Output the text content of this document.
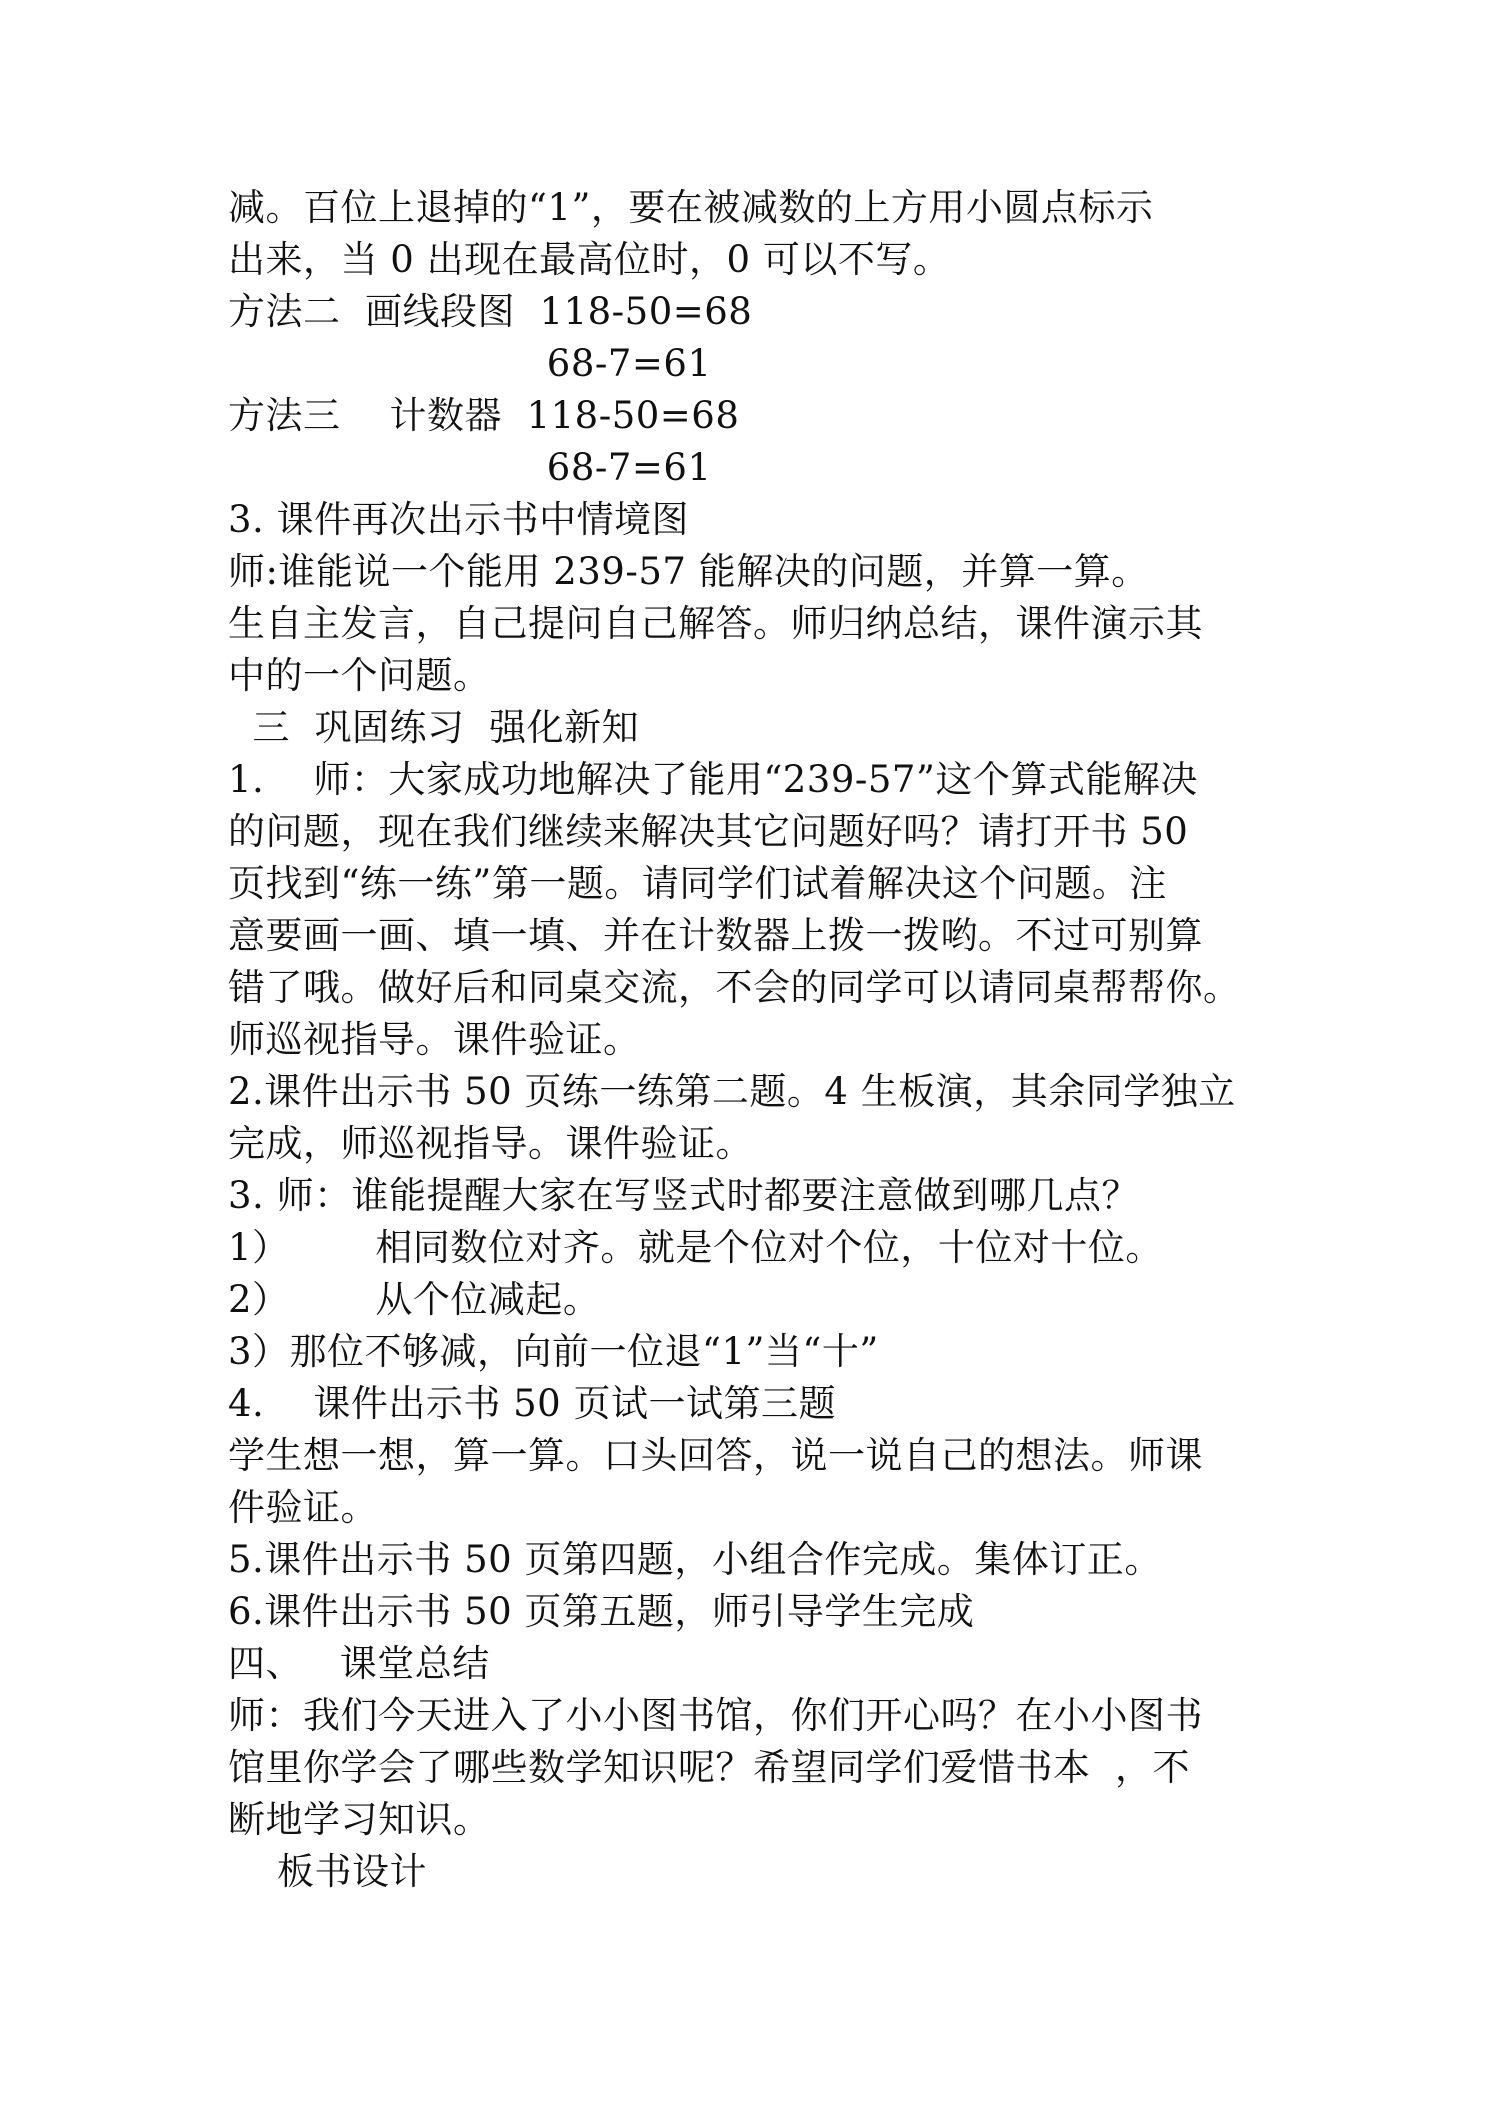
减。百位上退掉的“1”，要在被减数的上方用小圆点标示

出来，当 0 出现在最高位时，0 可以不写。

方法二  画线段图  118-50=68

68-7=61

方法三    计数器  118-50=68

68-7=61

3. 课件再次出示书中情境图

师:谁能说一个能用 239-57 能解决的问题，并算一算。

生自主发言，自己提问自己解答。师归纳总结，课件演示其

中的一个问题。

三  巩固练习  强化新知

1.    师：大家成功地解决了能用“239-57”这个算式能解决

的问题，现在我们继续来解决其它问题好吗？请打开书 50

页找到“练一练”第一题。请同学们试着解决这个问题。注

意要画一画、填一填、并在计数器上拨一拨哟。不过可别算

错了哦。做好后和同桌交流，不会的同学可以请同桌帮帮你。

师巡视指导。课件验证。

2.课件出示书 50 页练一练第二题。4 生板演，其余同学独立

完成，师巡视指导。课件验证。

3. 师：谁能提醒大家在写竖式时都要注意做到哪几点？

1）       相同数位对齐。就是个位对个位，十位对十位。

2）       从个位减起。

3）那位不够减，向前一位退“1”当“十”

4.    课件出示书 50 页试一试第三题

学生想一想，算一算。口头回答，说一说自己的想法。师课

件验证。

5.课件出示书 50 页第四题，小组合作完成。集体订正。

6.课件出示书 50 页第五题，师引导学生完成

四、   课堂总结

师：我们今天进入了小小图书馆，你们开心吗？在小小图书

馆里你学会了哪些数学知识呢？希望同学们爱惜书本  ，不

断地学习知识。

板书设计
